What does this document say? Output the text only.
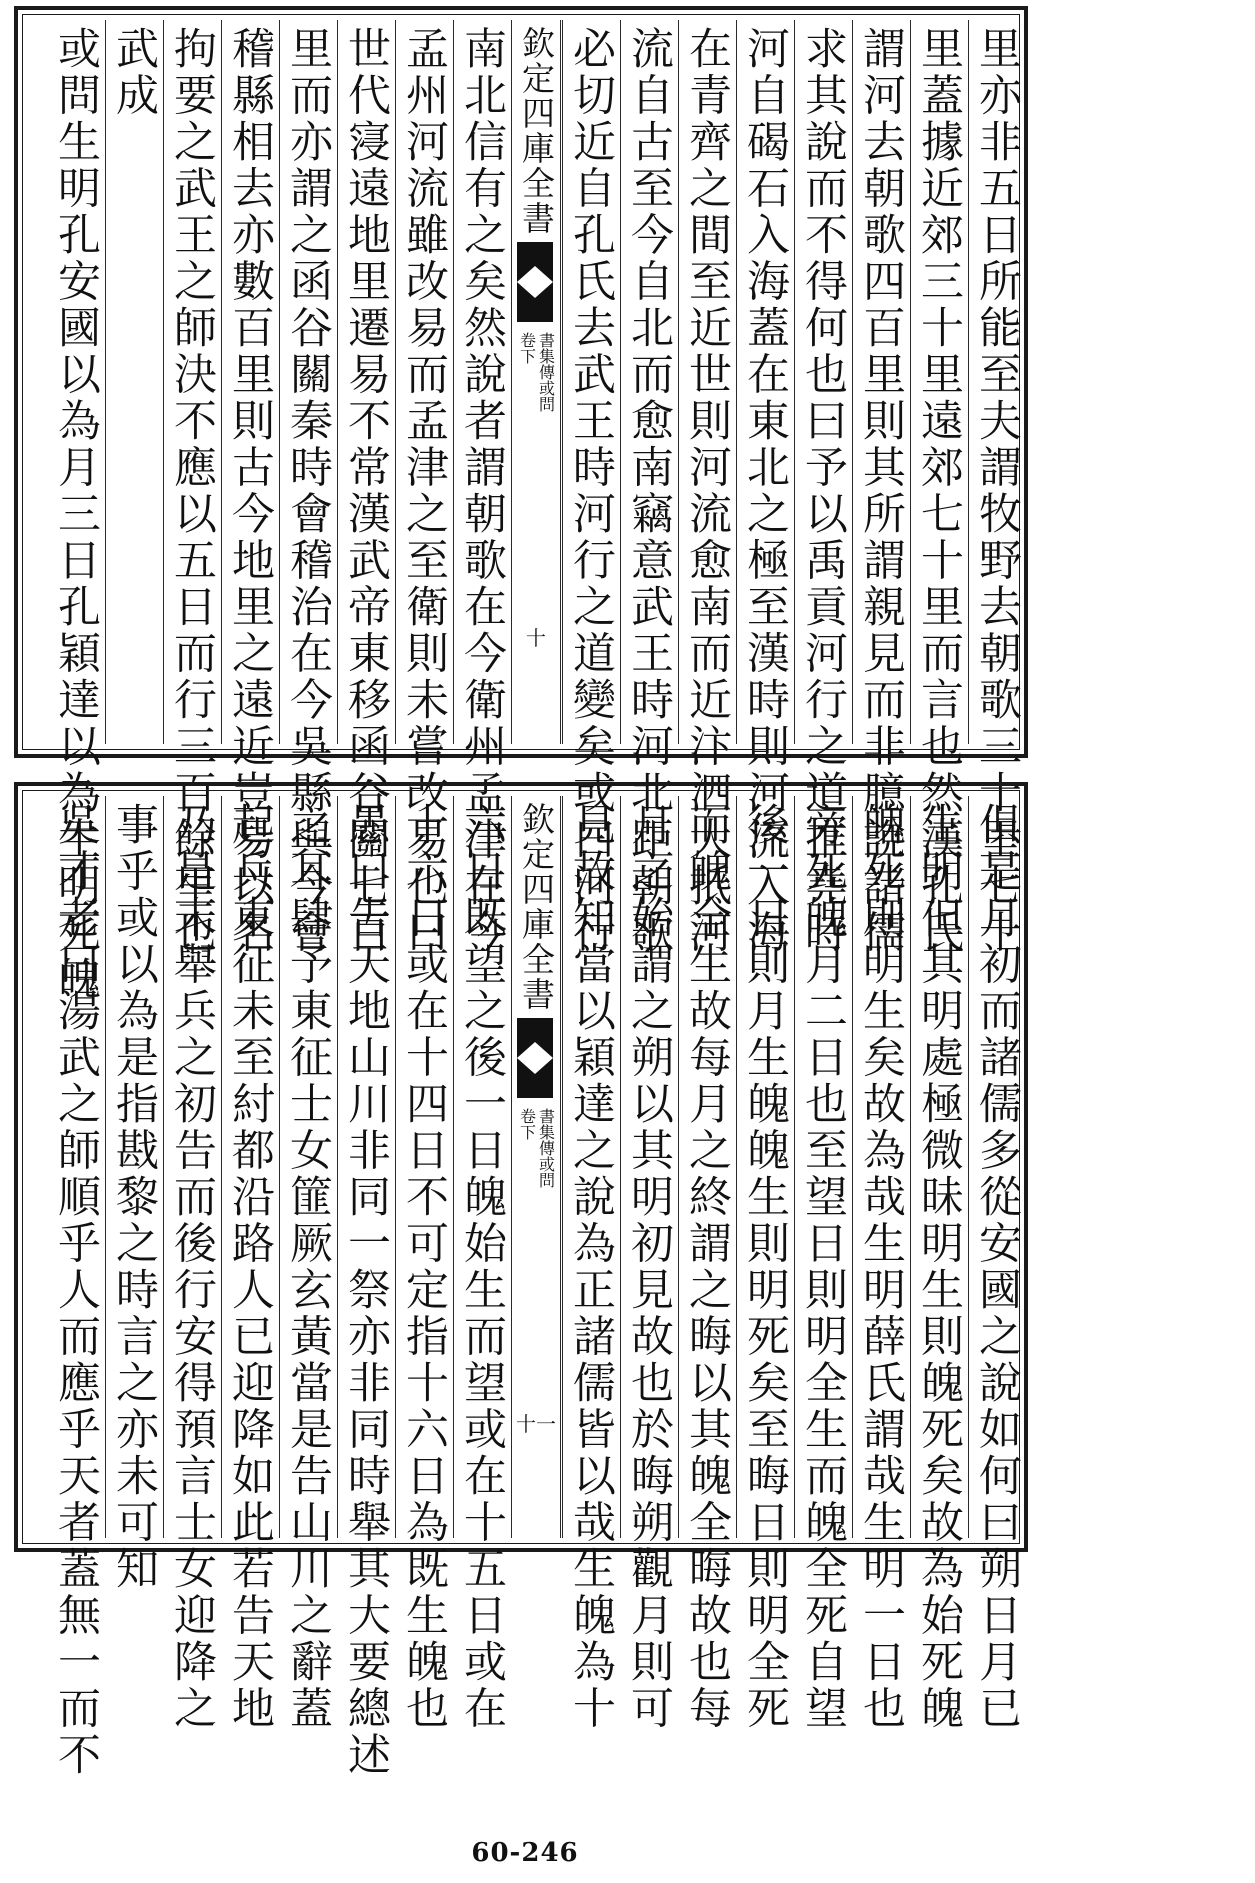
里亦非五日所能至夫謂牧野去朝歌三十里七十
里蓋據近郊三十里遠郊七十里而言也然漢孔氏
謂河去朝歌四百里則其所謂親見而非臆說諸儒
求其說而不得何也曰予以禹貢河行之道推堯時
河自碣石入海蓋在東北之極至漢時則河流入海
在青齊之間至近世則河流愈南而近汴泗大抵河
流自古至今自北而愈南竊意武王時河北距朝歌
必切近自孔氏去武王時河行之道變矣或曰河行
欽定四庫全書
書集傳或問
卷下
十
南北信有之矣然說者謂朝歌在今衛州孟津在今
孟州河流雖改易而孟津之至衛則未嘗改易也曰
世代寖遠地里遷易不常漢武帝東移函谷關七百
里而亦謂之函谷關秦時會稽治在今吳縣與今會
稽縣相去亦數百里則古今地里之遠近豈易以名
拘要之武王之師決不應以五日而行三百餘里也
武成
或問生明孔安國以為月三日孔穎達以為生明死魄
俱是月初而諸儒多從安國之說如何曰朔日月已
生明但其明處極微昧明生則魄死矣故為始死魄
魄死則明生矣故為哉生明薛氏謂哉生明一日也
旁死魄月二日也至望日則明全生而魄全死自望
後一日則月生魄魄生則明死矣至晦日則明全死
而魄全生故每月之終謂之晦以其魄全晦故也每
月之始謂之朔以其明初見故也於晦朔觀月則可
見故知當以穎達之說為正諸儒皆以哉生魄為十
欽定四庫全書
書集傳或問
卷下
十一
六日既望之後一日魄始生而望或在十五日或在
十六日或在十四日不可定指十六日為既生魄也
愚曰告天地山川非同一祭亦非同時舉其大要總述
之耳肆予東征士女篚厥玄黃當是告山川之辭蓋
起兵東征未至紂都沿路人已迎降如此若告天地
乃是未舉兵之初告而後行安得預言士女迎降之
事乎或以為是指戡黎之時言之亦未可知
吳才老曰湯武之師順乎人而應乎天者蓋無一而不
60-246
